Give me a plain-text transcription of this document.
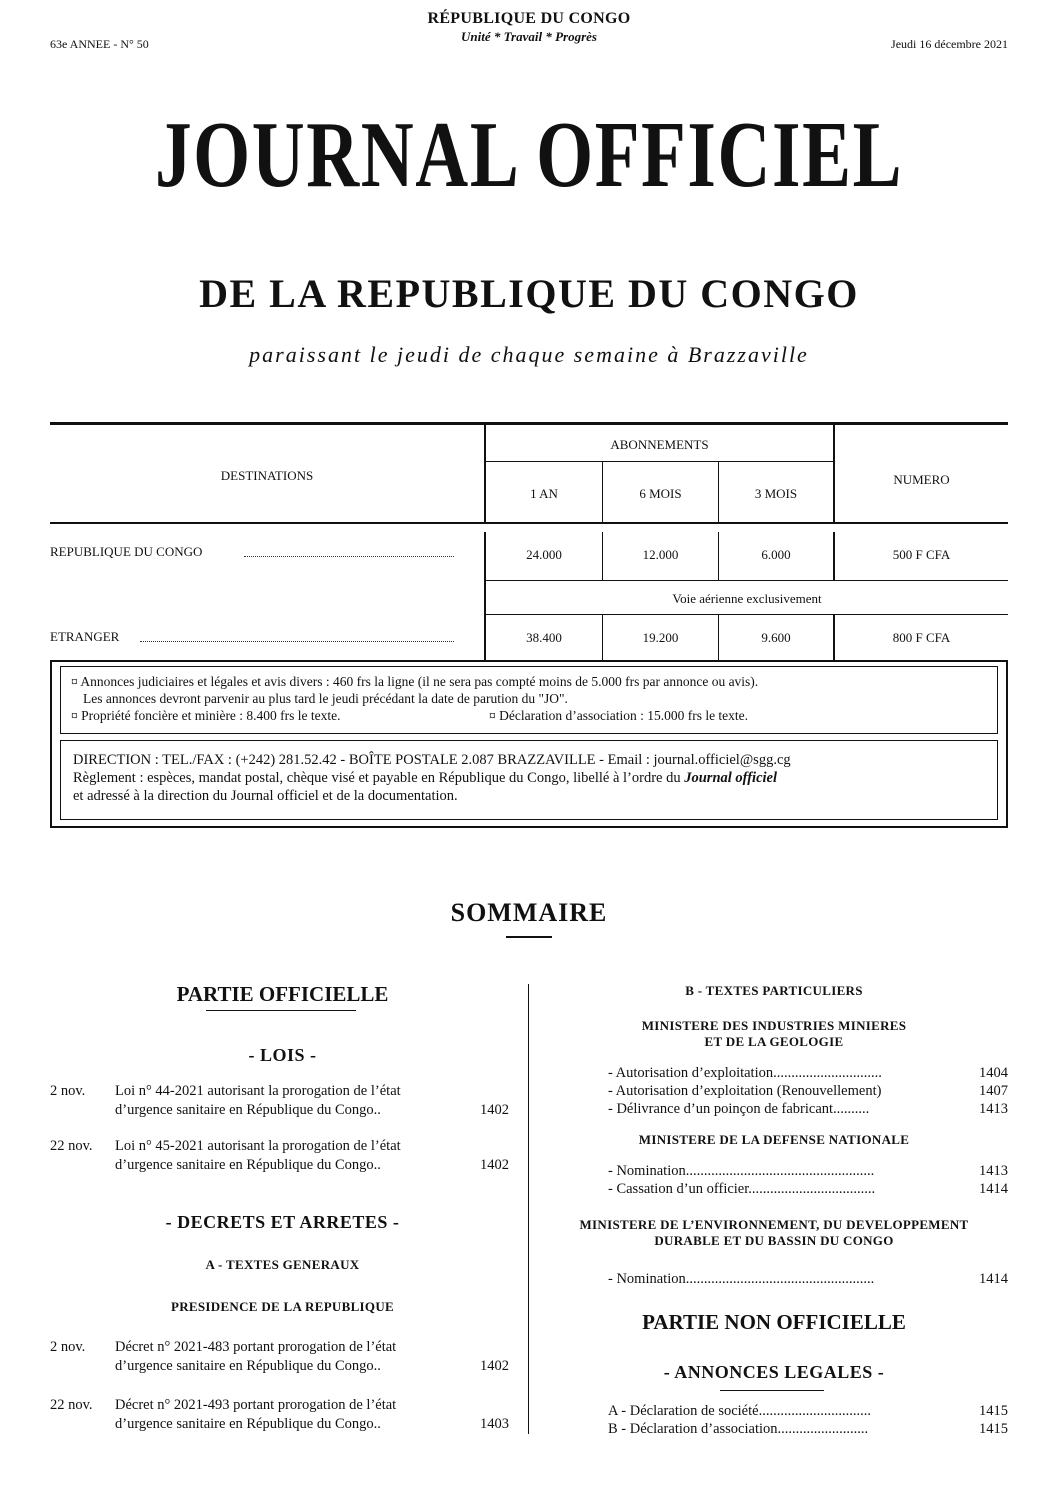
63e ANNEE - N° 50
RÉPUBLIQUE DU CONGO
Unité * Travail * Progrès	Jeudi 16 décembre 2021
JOURNAL OFFICIEL
DE LA REPUBLIQUE DU CONGO
paraissant le jeudi de chaque semaine à Brazzaville
DESTINATIONS
ABONNEMENTS
1 AN	6 MOIS	3 MOIS
NUMERO
REPUBLIQUE DU CONGO	24.000	12.000	6.000	500 F CFA
Voie aérienne exclusivement
ETRANGER	38.400	19.200	9.600	800 F CFA
¤ Annonces judiciaires et légales et avis divers : 460 frs la ligne (il ne sera pas compté moins de 5.000 frs par annonce ou avis).
Les annonces devront parvenir au plus tard le jeudi précédant la date de parution du "JO".
¤ Propriété foncière et minière : 8.400 frs le texte.	¤ Déclaration d’association : 15.000 frs le texte.
DIRECTION : TEL./FAX : (+242) 281.52.42 - BOÎTE POSTALE 2.087 BRAZZAVILLE - Email : journal.officiel@sgg.cg
Règlement : espèces, mandat postal, chèque visé et payable en République du Congo, libellé à l’ordre du Journal officiel
et adressé à la direction du Journal officiel et de la documentation.
SOMMAIRE
PARTIE OFFICIELLE
- LOIS -
2 nov. Loi n° 44-2021 autorisant la prorogation de l’état
d’urgence sanitaire en République du Congo..	1402
22 nov. Loi n° 45-2021 autorisant la prorogation de l’état
d’urgence sanitaire en République du Congo..	1402
- DECRETS ET ARRETES -
A - TEXTES GENERAUX
PRESIDENCE DE LA REPUBLIQUE
2 nov. Décret n° 2021-483 portant prorogation de l’état
d’urgence sanitaire en République du Congo..	1402
22 nov. Décret n° 2021-493 portant prorogation de l’état
d’urgence sanitaire en République du Congo..	1403
B - TEXTES PARTICULIERS
MINISTERE DES INDUSTRIES MINIERES
ET DE LA GEOLOGIE
- Autorisation d’exploitation..............................	1404
- Autorisation d’exploitation (Renouvellement)	1407
- Délivrance d’un poinçon de fabricant..........	1413
MINISTERE DE LA DEFENSE NATIONALE
- Nomination....................................................	1413
- Cassation d’un officier...................................	1414
MINISTERE DE L’ENVIRONNEMENT, DU DEVELOPPEMENT
DURABLE ET DU BASSIN DU CONGO
- Nomination....................................................	1414
PARTIE NON OFFICIELLE
- ANNONCES LEGALES -
A - Déclaration de société...............................	1415
B - Déclaration d’association.........................	1415
